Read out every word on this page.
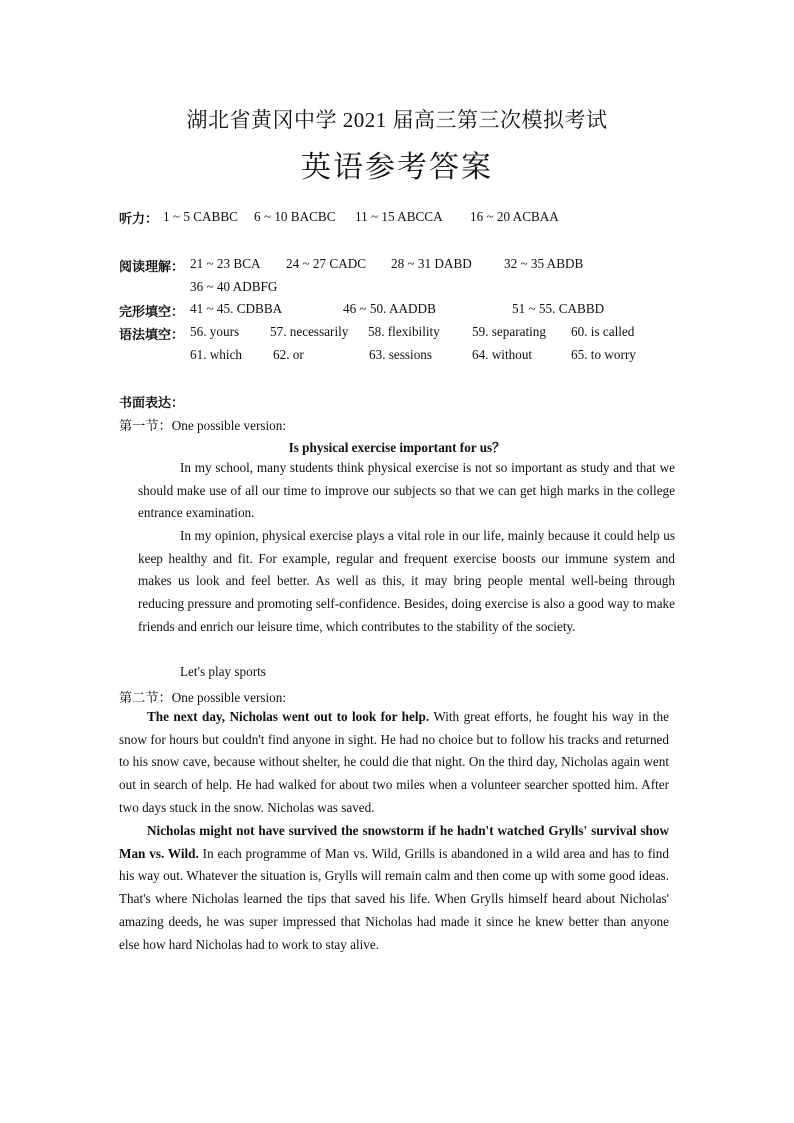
湖北省黄冈中学 2021 届高三第三次模拟考试
英语参考答案
听力： 1 ~ 5 CABBC 6 ~ 10 BACBC 11 ~ 15 ABCCA 16 ~ 20 ACBAA
阅读理解： 21 ~ 23 BCA 24 ~ 27 CADC 28 ~ 31 DABD 32 ~ 35 ABDB
36 ~ 40 ADBFG
完形填空： 41 ~ 45. CDBBA	46 ~ 50. AADDB	51 ~ 55. CABBD
语法填空： 56. yours 57. necessarily 58. flexibility 59. separating 60. is called
61. which 62. or	63. sessions	64. without	65. to worry
书面表达：
第一节：One possible version:
Is physical exercise important for us？
In my school, many students think physical exercise is not so important as study and that we should make use of all our time to improve our subjects so that we can get high marks in the college entrance examination.
In my opinion, physical exercise plays a vital role in our life, mainly because it could help us keep healthy and fit. For example, regular and frequent exercise boosts our immune system and makes us look and feel better. As well as this, it may bring people mental well-being through reducing pressure and promoting self-confidence. Besides, doing exercise is also a good way to make friends and enrich our leisure time, which contributes to the stability of the society.
Let's play sports
第二节：One possible version:
The next day, Nicholas went out to look for help. With great efforts, he fought his way in the snow for hours but couldn't find anyone in sight. He had no choice but to follow his tracks and returned to his snow cave, because without shelter, he could die that night. On the third day, Nicholas again went out in search of help. He had walked for about two miles when a volunteer searcher spotted him. After two days stuck in the snow. Nicholas was saved.
Nicholas might not have survived the snowstorm if he hadn't watched Grylls' survival show Man vs. Wild. In each programme of Man vs. Wild, Grills is abandoned in a wild area and has to find his way out. Whatever the situation is, Grylls will remain calm and then come up with some good ideas. That's where Nicholas learned the tips that saved his life. When Grylls himself heard about Nicholas' amazing deeds, he was super impressed that Nicholas had made it since he knew better than anyone else how hard Nicholas had to work to stay alive.
